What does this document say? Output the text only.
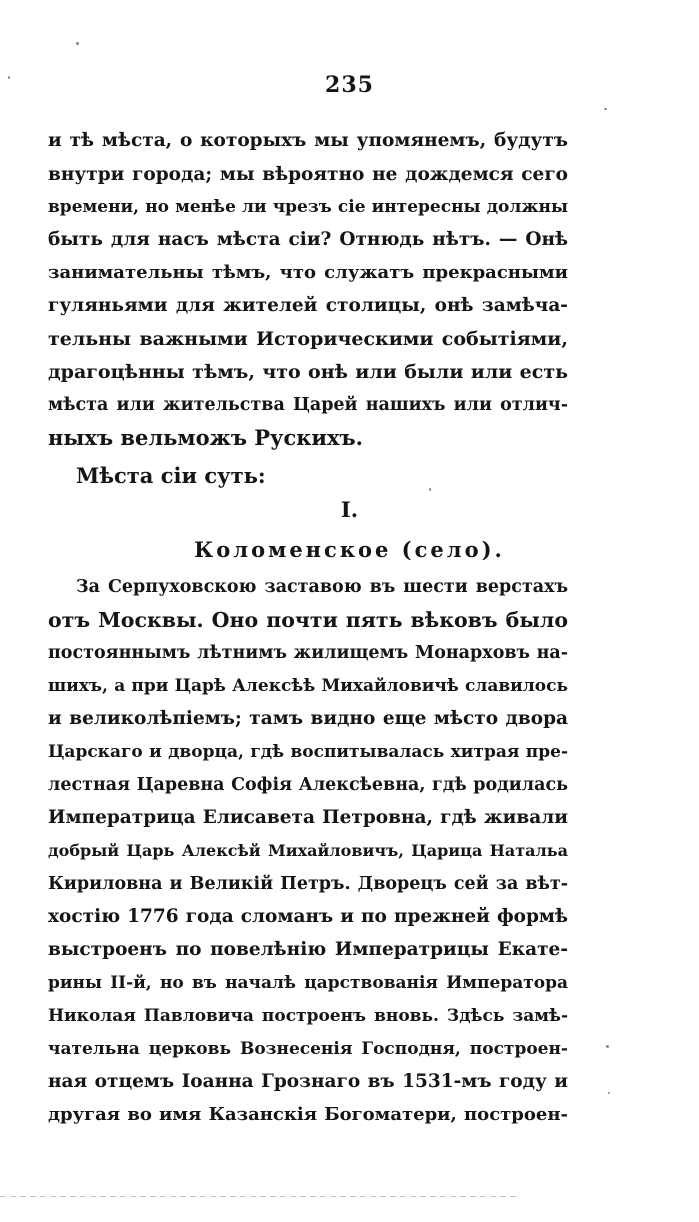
235
и тѣ мѣста, о которыхъ мы упомянемъ, будутъ
внутри города; мы вѣроятно не дождемся сего
времени, но менѣе ли чрезъ сіе интересны должны
быть для насъ мѣста сіи? Отнюдь нѣтъ. — Онѣ
занимательны тѣмъ, что служатъ прекрасными
гуляньями для жителей столицы, онѣ замѣча-
тельны важными Историческими событіями,
драгоцѣнны тѣмъ, что онѣ или были или есть
мѣста или жительства Царей нашихъ или отлич-
ныхъ вельможъ Рускихъ.
Мѣста сіи суть:
I.
Коломенское (село).
За Серпуховскою заставою въ шести верстахъ
отъ Москвы. Оно почти пять вѣковъ было
постояннымъ лѣтнимъ жилищемъ Монарховъ на-
шихъ, а при Царѣ Алексѣѣ Михайловичѣ славилось
и великолѣпіемъ; тамъ видно еще мѣсто двора
Царскаго и дворца, гдѣ воспитывалась хитрая пре-
лестная Царевна Софія Алексѣевна, гдѣ родилась
Императрица Елисавета Петровна, гдѣ живали
добрый Царь Алексѣй Михайловичъ, Царица Натальа
Кириловна и Великій Петръ. Дворецъ сей за вѣт-
хостію 1776 года сломанъ и по прежней формѣ
выстроенъ по повелѣнію Императрицы Екате-
рины II-й, но въ началѣ царствованія Императора
Николая Павловича построенъ вновь. Здѣсь замѣ-
чательна церковь Вознесенія Господня, построен-
ная отцемъ Іоанна Грознаго въ 1531-мъ году и
другая во имя Казанскія Богоматери, построен-
